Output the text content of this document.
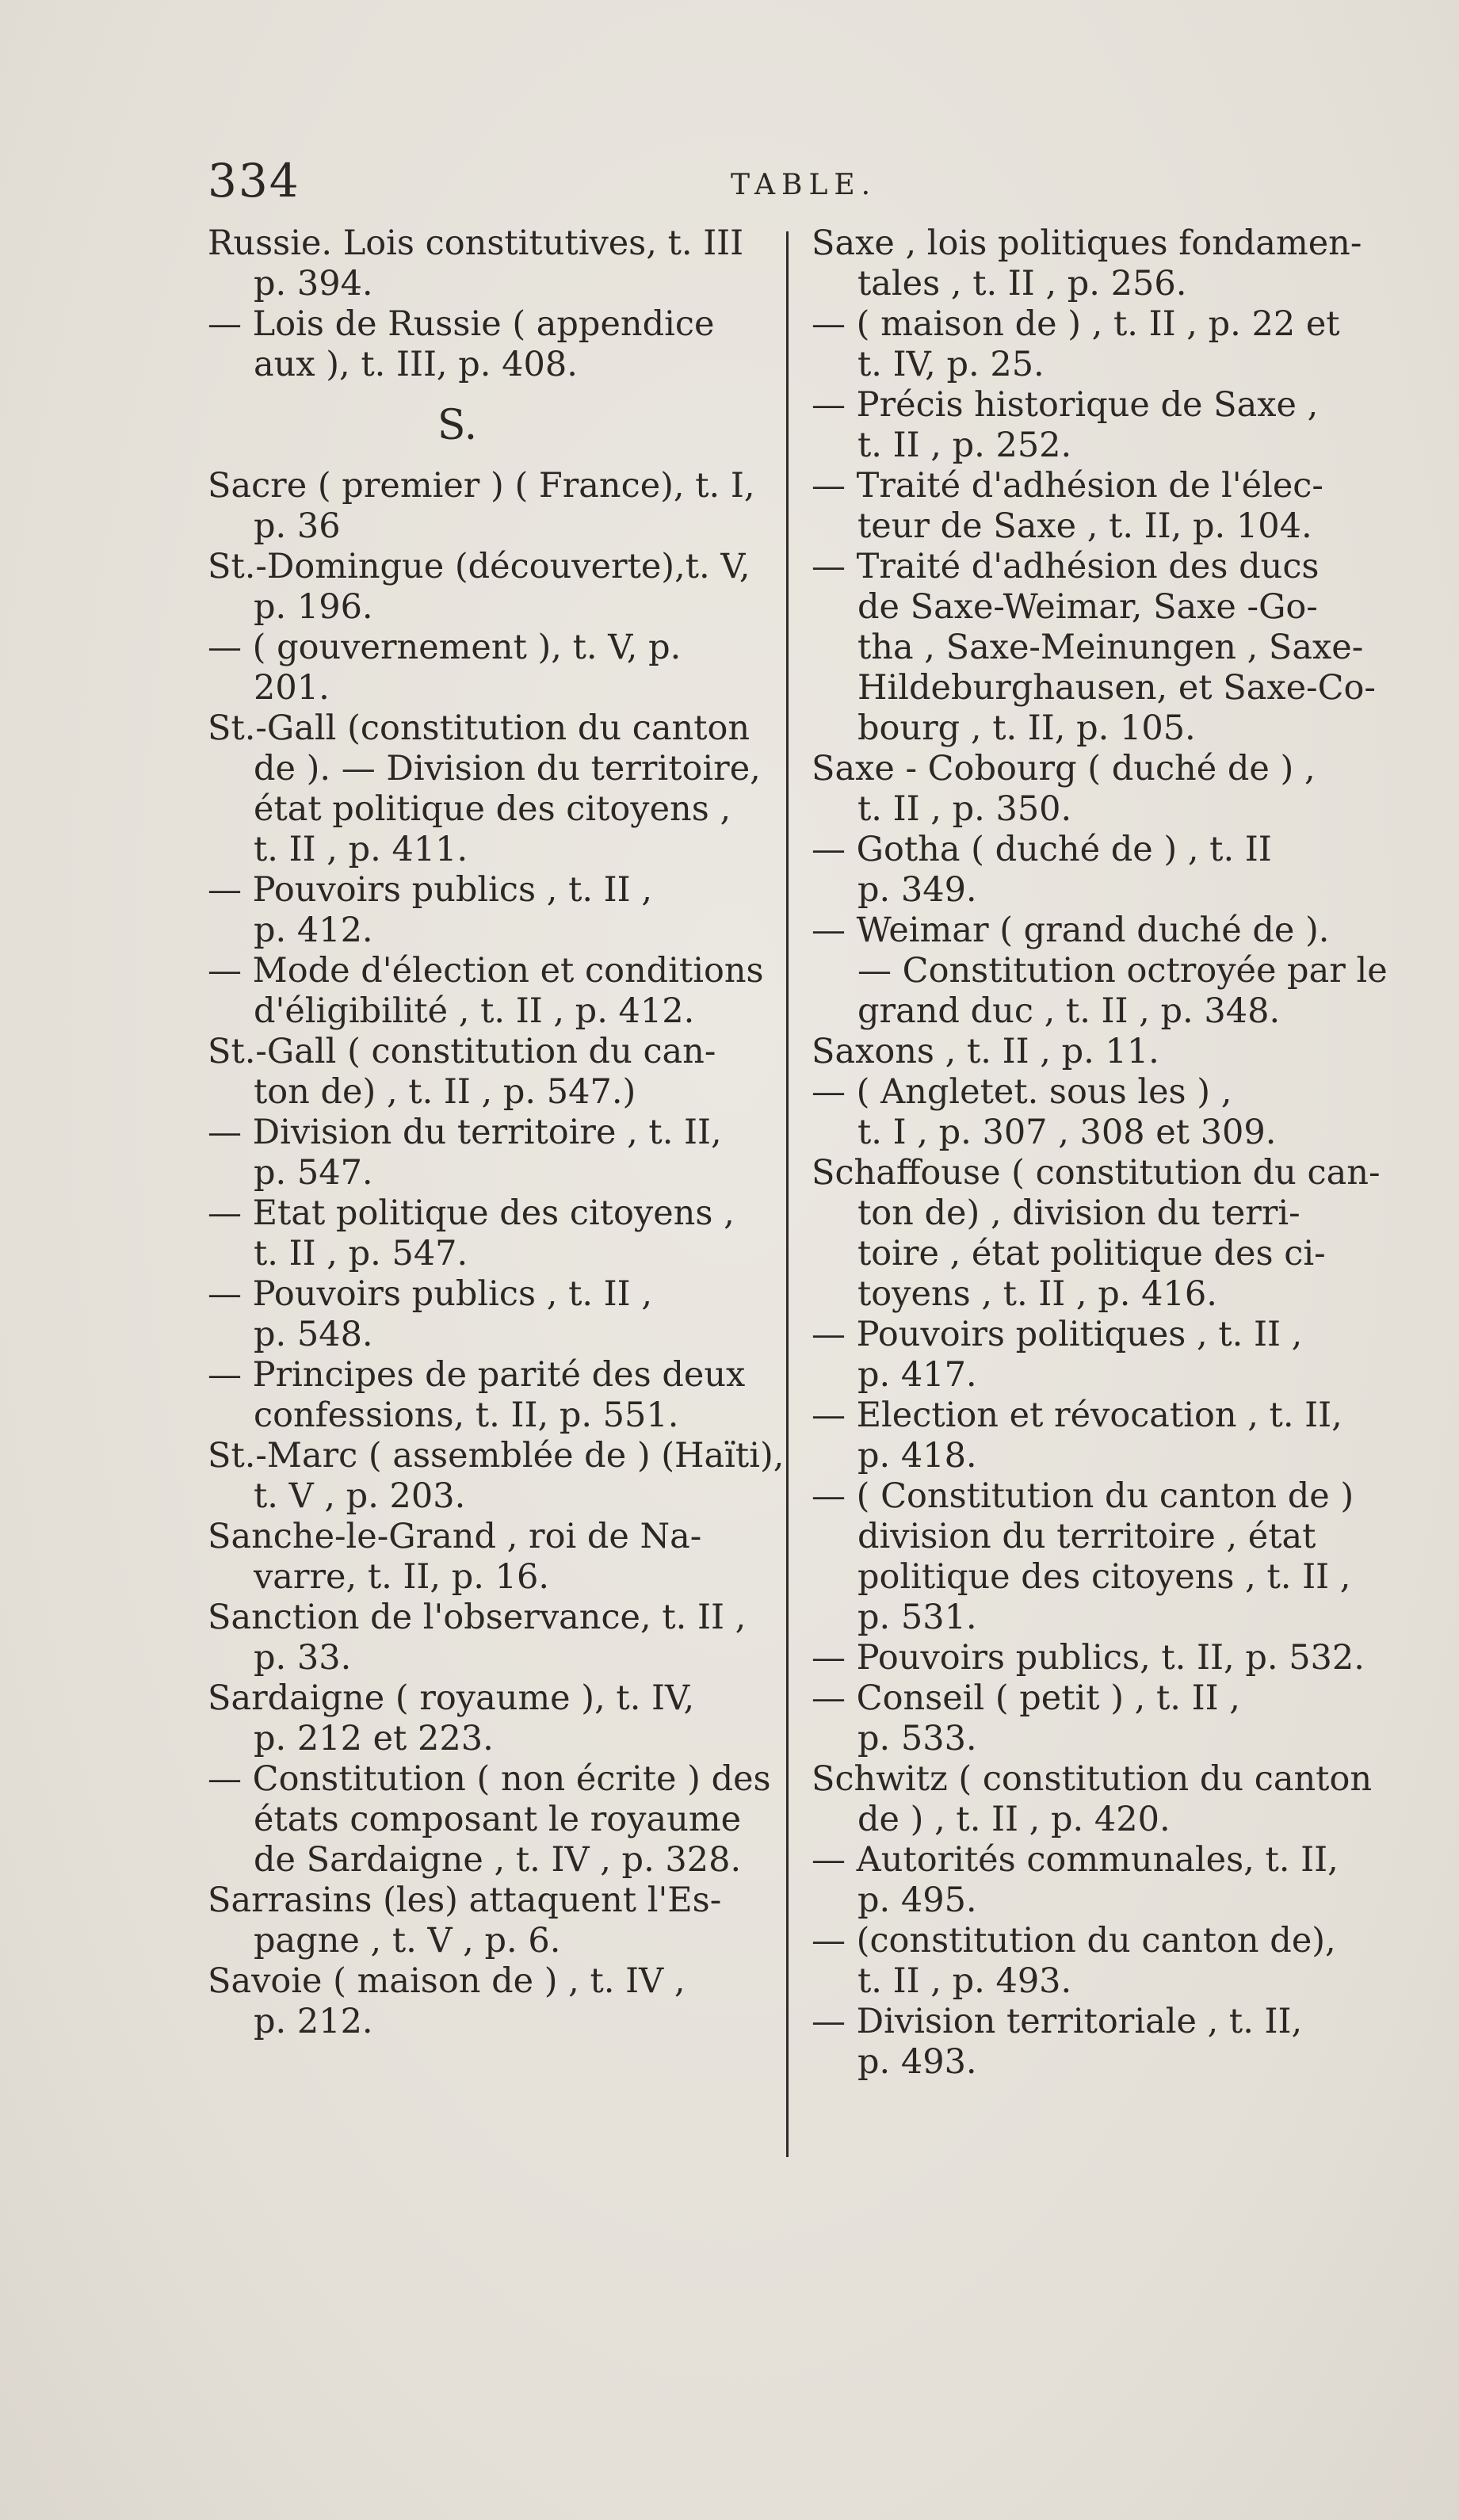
334	TABLE.
Russie. Lois constitutives, t. III
p. 394.
— Lois de Russie ( appendice
aux ), t. III, p. 408.
S.
Sacre ( premier ) ( France), t. I,
p. 36
St.-Domingue (découverte),t. V,
p. 196.
— ( gouvernement ), t. V, p.
201.
St.-Gall (constitution du canton
de ). — Division du territoire,
état politique des citoyens ,
t. II , p. 411.
— Pouvoirs publics , t. II ,
p. 412.
— Mode d'élection et conditions
d'éligibilité , t. II , p. 412.
St.-Gall ( constitution du can-
ton de) , t. II , p. 547.)
— Division du territoire , t. II,
p. 547.
— Etat politique des citoyens ,
t. II , p. 547.
— Pouvoirs publics , t. II ,
p. 548.
— Principes de parité des deux
confessions, t. II, p. 551.
St.-Marc ( assemblée de ) (Haïti),
t. V , p. 203.
Sanche-le-Grand , roi de Na-
varre, t. II, p. 16.
Sanction de l'observance, t. II ,
p. 33.
Sardaigne ( royaume ), t. IV,
p. 212 et 223.
— Constitution ( non écrite ) des
états composant le royaume
de Sardaigne , t. IV , p. 328.
Sarrasins (les) attaquent l'Es-
pagne , t. V , p. 6.
Savoie ( maison de ) , t. IV ,
p. 212.
Saxe , lois politiques fondamen-
tales , t. II , p. 256.
— ( maison de ) , t. II , p. 22 et
t. IV, p. 25.
— Précis historique de Saxe ,
t. II , p. 252.
— Traité d'adhésion de l'élec-
teur de Saxe , t. II, p. 104.
— Traité d'adhésion des ducs
de Saxe-Weimar, Saxe -Go-
tha , Saxe-Meinungen , Saxe-
Hildeburghausen, et Saxe-Co-
bourg , t. II, p. 105.
Saxe - Cobourg ( duché de ) ,
t. II , p. 350.
— Gotha ( duché de ) , t. II
p. 349.
— Weimar ( grand duché de ).
— Constitution octroyée par le
grand duc , t. II , p. 348.
Saxons , t. II , p. 11.
— ( Angletet. sous les ) ,
t. I , p. 307 , 308 et 309.
Schaffouse ( constitution du can-
ton de) , division du terri-
toire , état politique des ci-
toyens , t. II , p. 416.
— Pouvoirs politiques , t. II ,
p. 417.
— Election et révocation , t. II,
p. 418.
— ( Constitution du canton de )
division du territoire , état
politique des citoyens , t. II ,
p. 531.
— Pouvoirs publics, t. II, p. 532.
— Conseil ( petit ) , t. II ,
p. 533.
Schwitz ( constitution du canton
de ) , t. II , p. 420.
— Autorités communales, t. II,
p. 495.
— (constitution du canton de),
t. II , p. 493.
— Division territoriale , t. II,
p. 493.
